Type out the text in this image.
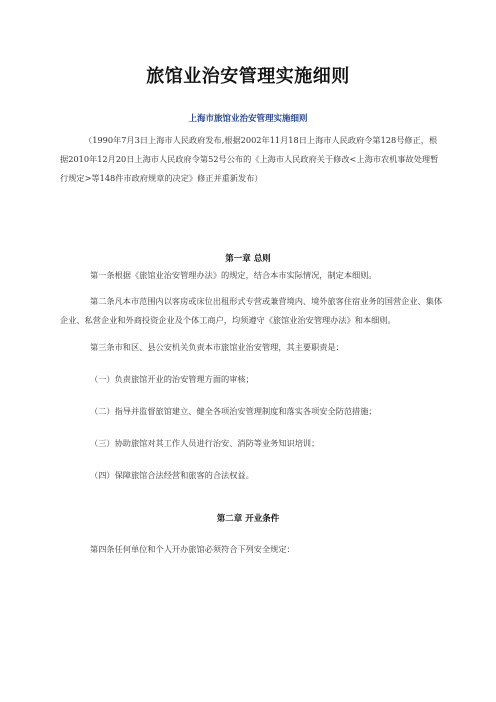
旅馆业治安管理实施细则
上海市旅馆业治安管理实施细则
（1990年7月3日上海市人民政府发布,根据2002年11月18日上海市人民政府令第128号修正，根据2010年12月20日上海市人民政府令第52号公布的《上海市人民政府关于修改<上海市农机事故处理暂行规定>等148件市政府规章的决定》修正并重新发布）
第一章 总则
第一条根据《旅馆业治安管理办法》的规定，结合本市实际情况，制定本细则。
第二条凡本市范围内以客房或床位出租形式专营或兼营境内、境外旅客住宿业务的国营企业、集体企业、私营企业和外商投资企业及个体工商户，均须遵守《旅馆业治安管理办法》和本细则。
第三条市和区、县公安机关负责本市旅馆业治安管理，其主要职责是：
（一）负责旅馆开业的治安管理方面的审核；
（二）指导并监督旅馆建立、健全各项治安管理制度和落实各项安全防范措施；
（三）协助旅馆对其工作人员进行治安、消防等业务知识培训；
（四）保障旅馆合法经营和旅客的合法权益。
第二章 开业条件
第四条任何单位和个人开办旅馆必须符合下列安全规定：
